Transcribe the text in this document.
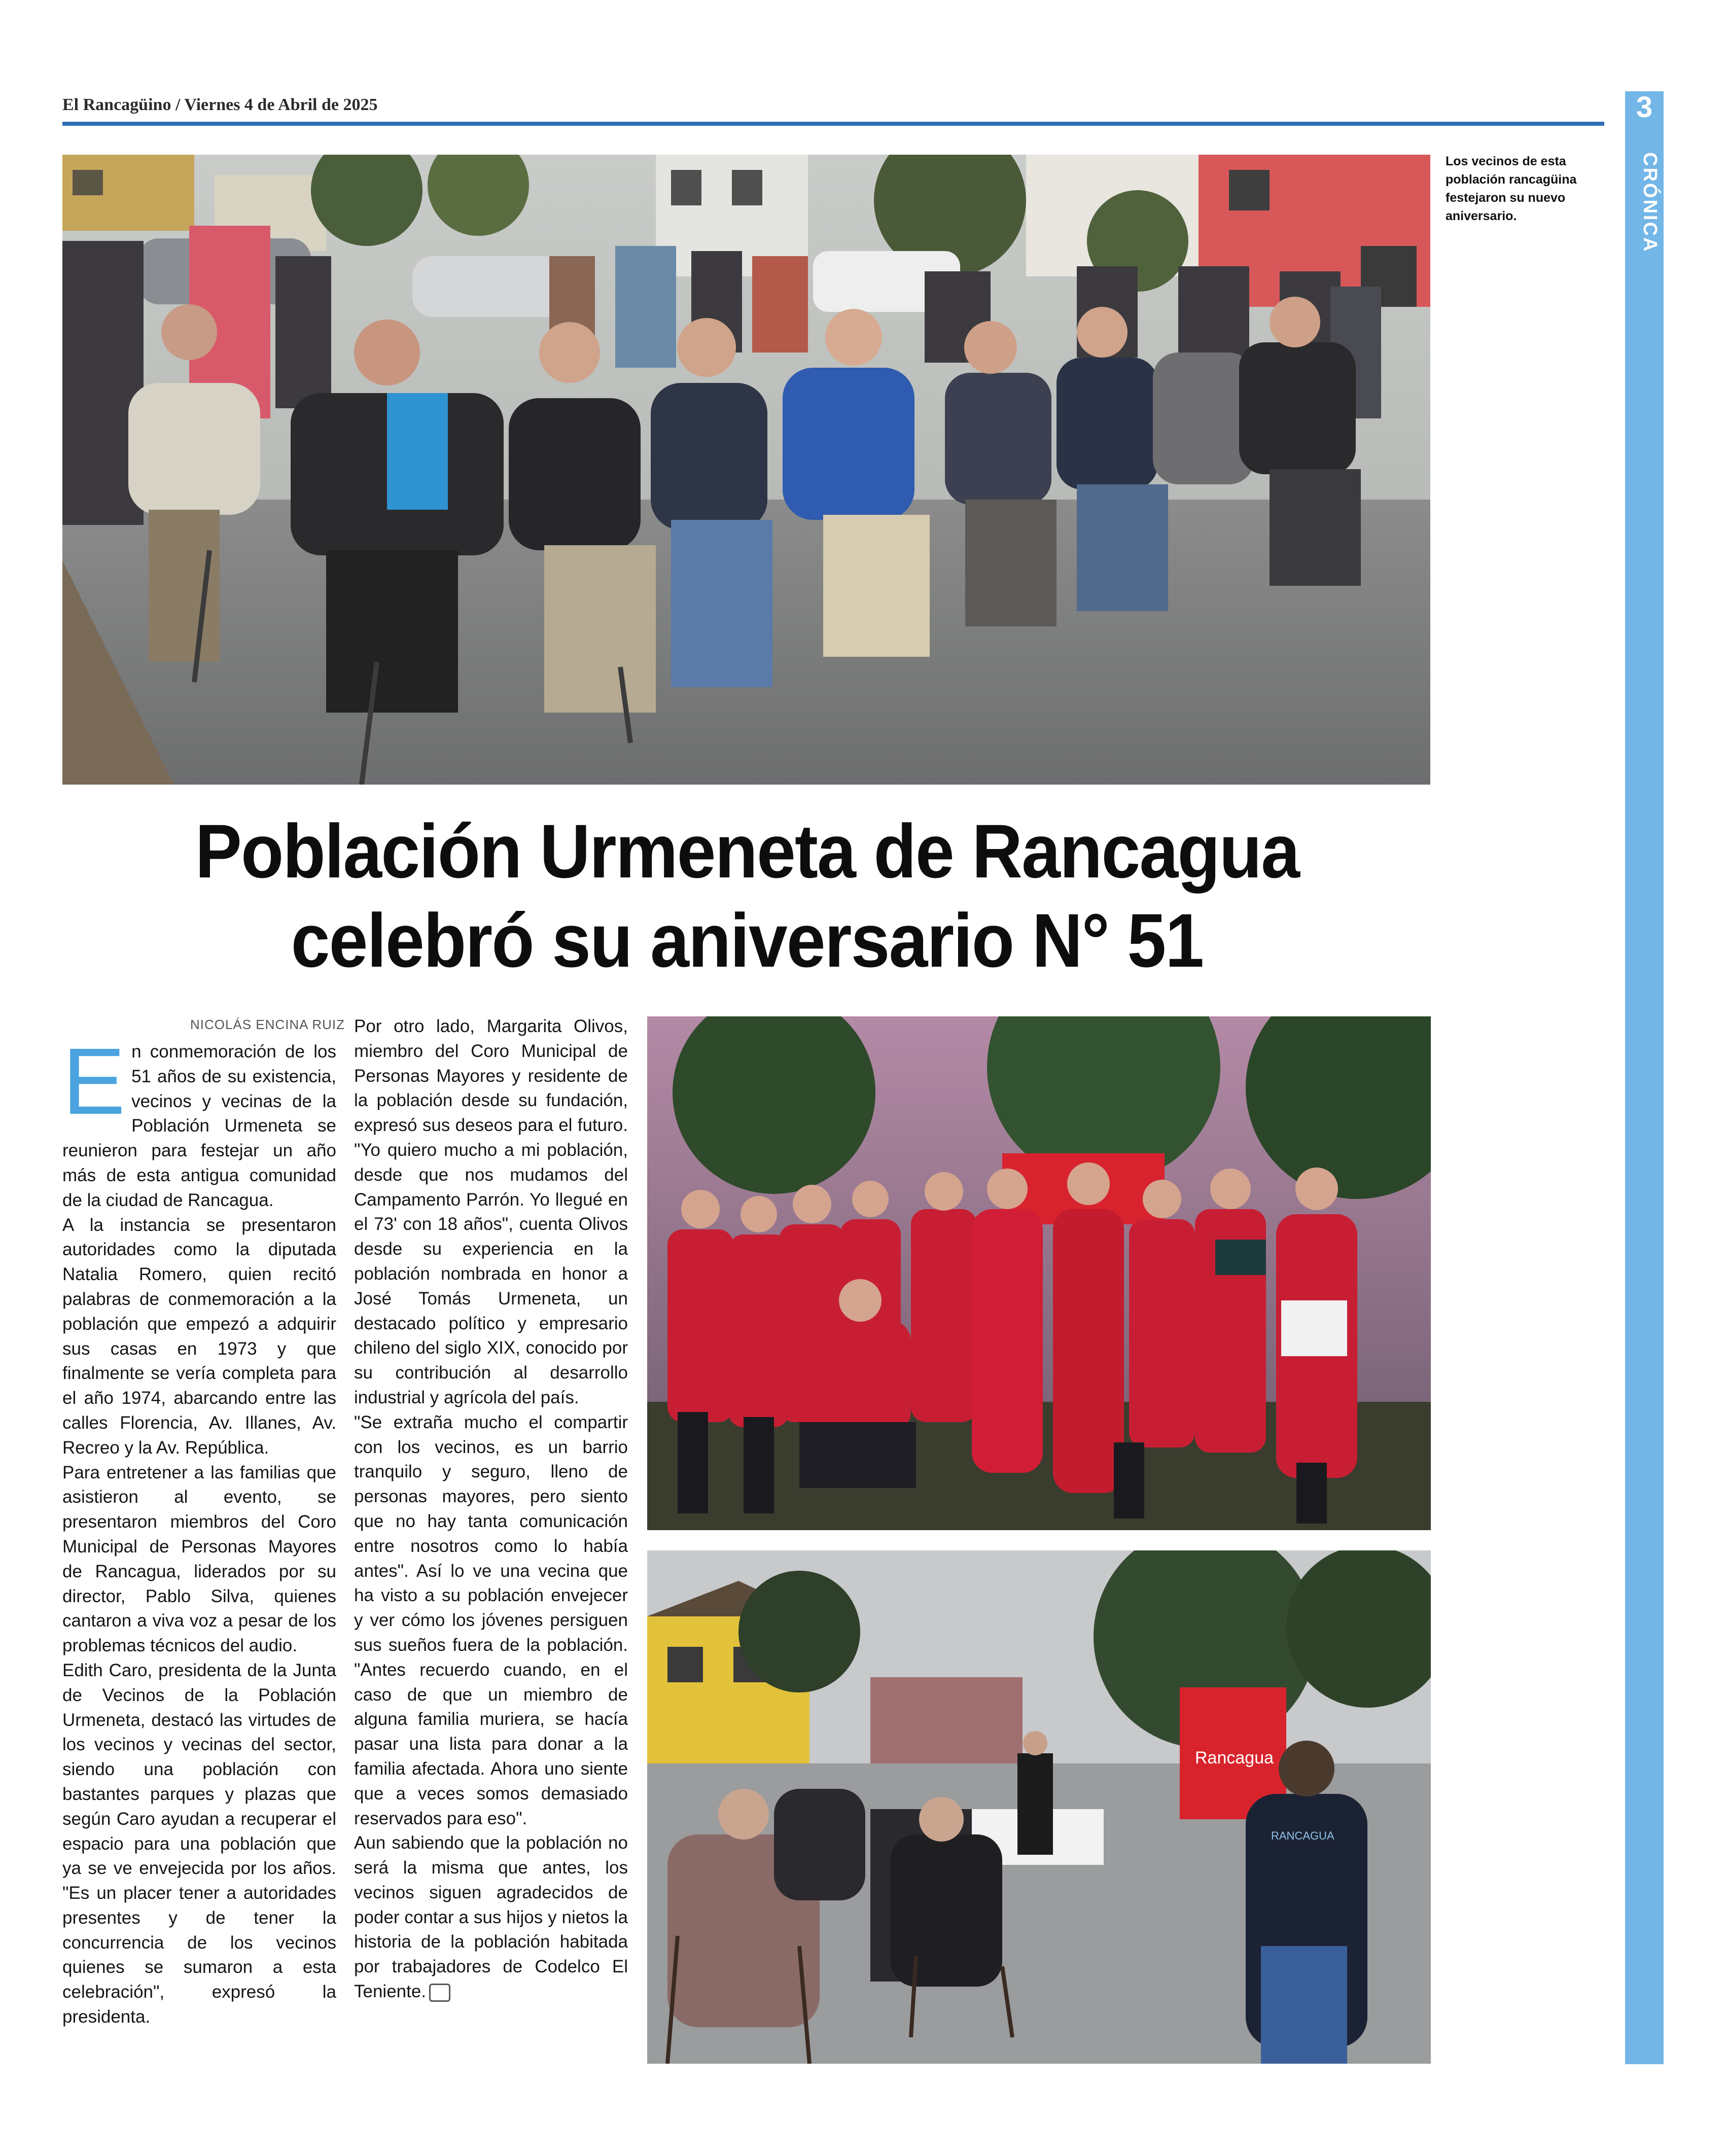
El Rancagüino / Viernes 4 de Abril de 2025	3
CRÓNICA
Los vecinos de esta población rancagüina festejaron su nuevo aniversario.
Población Urmeneta de Rancagua
celebró su aniversario N° 51
NICOLÁS ENCINA RUIZ
E n conmemoración de los 51 años de su existencia, vecinos y vecinas de la Población Urmeneta se reunieron para festejar un año más de esta antigua comunidad de la ciudad de Rancagua.

A la instancia se presentaron autoridades como la diputada Natalia Romero, quien recitó palabras de conmemoración a la población que empezó a adquirir sus casas en 1973 y que finalmente se vería completa para el año 1974, abarcando entre las calles Florencia, Av. Illanes, Av. Recreo y la Av. República.

Para entretener a las familias que asistieron al evento, se presentaron miembros del Coro Municipal de Personas Mayores de Rancagua, liderados por su director, Pablo Silva, quienes cantaron a viva voz a pesar de los problemas técnicos del audio.

Edith Caro, presidenta de la Junta de Vecinos de la Población Urmeneta, destacó las virtudes de los vecinos y vecinas del sector, siendo una población con bastantes parques y plazas que según Caro ayudan a recuperar el espacio para una población que ya se ve envejecida por los años. "Es un placer tener a autoridades presentes y de tener la concurrencia de los vecinos quienes se sumaron a esta celebración", expresó la presidenta.

Por otro lado, Margarita Olivos, miembro del Coro Municipal de Personas Mayores y residente de la población desde su fundación, expresó sus deseos para el futuro. "Yo quiero mucho a mi población, desde que nos mudamos del Campamento Parrón. Yo llegué en el 73' con 18 años", cuenta Olivos desde su experiencia en la población nombrada en honor a José Tomás Urmeneta, un destacado político y empresario chileno del siglo XIX, conocido por su contribución al desarrollo industrial y agrícola del país.

"Se extraña mucho el compartir con los vecinos, es un barrio tranquilo y seguro, lleno de personas mayores, pero siento que no hay tanta comunicación entre nosotros como lo había antes". Así lo ve una vecina que ha visto a su población envejecer y ver cómo los jóvenes persiguen sus sueños fuera de la población. "Antes recuerdo cuando, en el caso de que un miembro de alguna familia muriera, se hacía pasar una lista para donar a la familia afectada. Ahora uno siente que a veces somos demasiado reservados para eso".

Aun sabiendo que la población no será la misma que antes, los vecinos siguen agradecidos de poder contar a sus hijos y nietos la historia de la población habitada por trabajadores de Codelco El Teniente.

Rancagua
RANCAGUA
